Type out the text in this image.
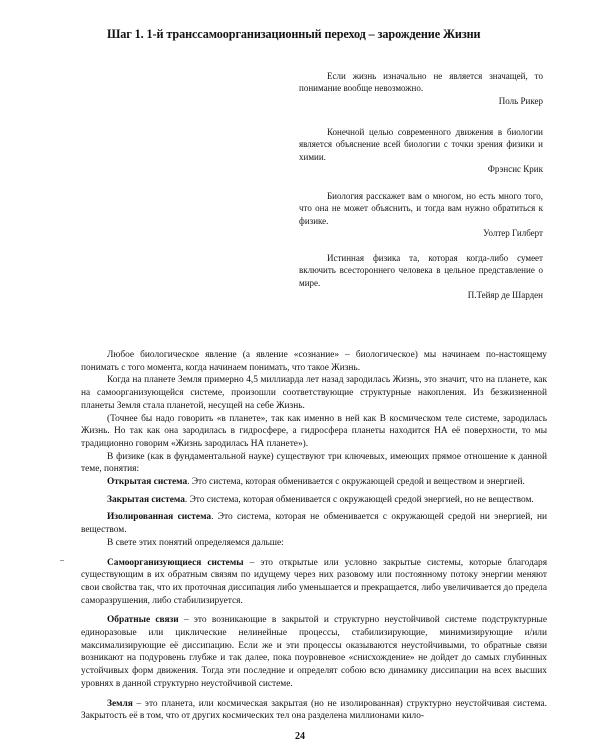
Шаг 1. 1-й транссамоорганизационный переход – зарождение Жизни
Если жизнь изначально не является значащей, то понимание вообще невозможно.
Поль Рикер
Конечной целью современного движения в биологии является объяснение всей биологии с точки зрения физики и химии.
Фрэнсис Крик
Биология расскажет вам о многом, но есть много того, что она не может объяснить, и тогда вам нужно обратиться к физике.
Уолтер Гилберт
Истинная физика та, которая когда-либо сумеет включить всестороннего человека в цельное представление о мире.
П.Тейяр де Шарден

Любое биологическое явление (а явление «сознание» – биологическое) мы начинаем по-настоящему понимать с того момента, когда начинаем понимать, что такое Жизнь.

Когда на планете Земля примерно 4,5 миллиарда лет назад зародилась Жизнь, это значит, что на планете, как на самоорганизующейся системе, произошли соответствующие структурные накопления. Из безжизненной планеты Земля стала планетой, несущей на себе Жизнь.

(Точнее бы надо говорить «в планете», так как именно в ней как В космическом теле системе, зародилась Жизнь. Но так как она зародилась в гидросфере, а гидросфера планеты находится НА её поверхности, то мы традиционно говорим «Жизнь зародилась НА планете»).

В физике (как в фундаментальной науке) существуют три ключевых, имеющих прямое отношение к данной теме, понятия:

Открытая система. Это система, которая обменивается с окружающей средой и веществом и энергией.

Закрытая система. Это система, которая обменивается с окружающей средой энергией, но не веществом.

Изолированная система. Это система, которая не обменивается с окружающей средой ни энергией, ни веществом.

В свете этих понятий определяемся дальше:

Самоорганизующиеся системы – это открытые или условно закрытые системы, которые благодаря существующим в их обратным связям по идущему через них разовому или постоянному потоку энергии меняют свои свойства так, что их проточная диссипация либо уменьшается и прекращается, либо увеличивается до предела саморазрушения, либо стабилизируется.

Обратные связи – это возникающие в закрытой и структурно неустойчивой системе подструктурные единоразовые или циклические нелинейные процессы, стабилизирующие, минимизирующие и/или максимализирующие её диссипацию. Если же и эти процессы оказываются неустойчивыми, то обратные связи возникают на подуровень глубже и так далее, пока поуровневое «снисхождение» не дойдет до самых глубинных устойчивых форм движения. Тогда эти последние и определят собою всю динамику диссипации на всех высших уровнях в данной структурно неустойчивой системе.

Земля – это планета, или космическая закрытая (но не изолированная) структурно неустойчивая система. Закрытость её в том, что от других космических тел она разделена миллионами кило-

24
